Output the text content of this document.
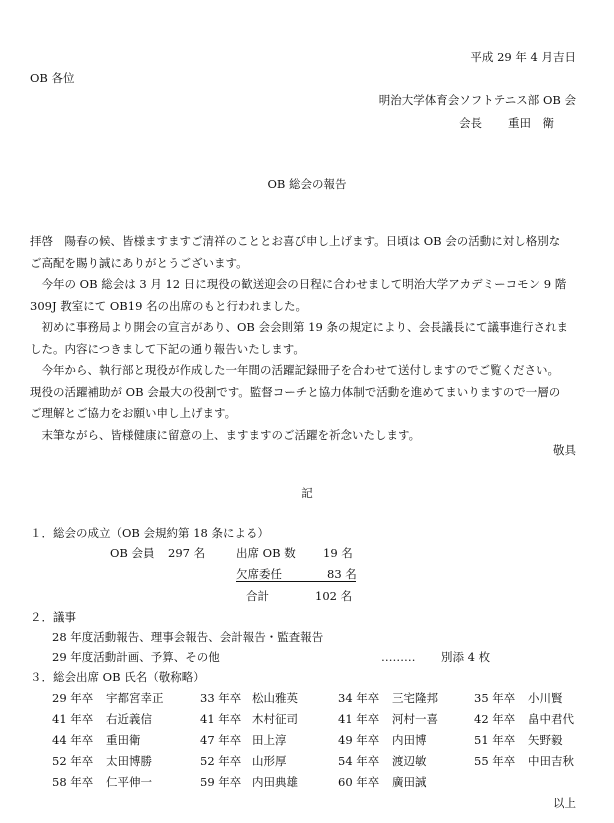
平成 29 年 4 月吉日
OB 各位
明治大学体育会ソフトテニス部 OB 会
会長 重田　衛
OB 総会の報告
拝啓　陽春の候、皆様ますますご清祥のこととお喜び申し上げます。日頃は OB 会の活動に対し格別な
ご高配を賜り誠にありがとうございます。
　今年の OB 総会は 3 月 12 日に現役の歓送迎会の日程に合わせまして明治大学アカデミーコモン 9 階
309J 教室にて OB19 名の出席のもと行われました。
　初めに事務局より開会の宣言があり、OB 会会則第 19 条の規定により、会長議長にて議事進行されま
した。内容につきまして下記の通り報告いたします。
　今年から、執行部と現役が作成した一年間の活躍記録冊子を合わせて送付しますのでご覧ください。
現役の活躍補助が OB 会最大の役割です。監督コーチと協力体制で活動を進めてまいりますので一層の
ご理解とご協力をお願い申し上げます。
　末筆ながら、皆様健康に留意の上、ますますのご活躍を祈念いたします。
敬具
記
１．総会の成立（OB 会規約第 18 条による）
OB 会員 297 名	出席 OB 数 19 名
欠席委任	83 名
合計	102 名
２．議事
28 年度活動報告、理事会報告、会計報告・監査報告
29 年度活動計画、予算、その他	……… 別添 4 枚
３．総会出席 OB 氏名（敬称略）
29 年卒 宇都宮幸正	33 年卒 松山雅英	34 年卒 三宅隆邦	35 年卒 小川賢
41 年卒 右近義信	41 年卒 木村征司	41 年卒 河村一喜	42 年卒 畠中君代
44 年卒 重田衛	47 年卒 田上淳	49 年卒 内田博	51 年卒 矢野毅
52 年卒 太田博勝	52 年卒 山形厚	54 年卒 渡辺敏	55 年卒 中田吉秋
58 年卒 仁平伸一	59 年卒 内田典雄	60 年卒 廣田誠
以上
